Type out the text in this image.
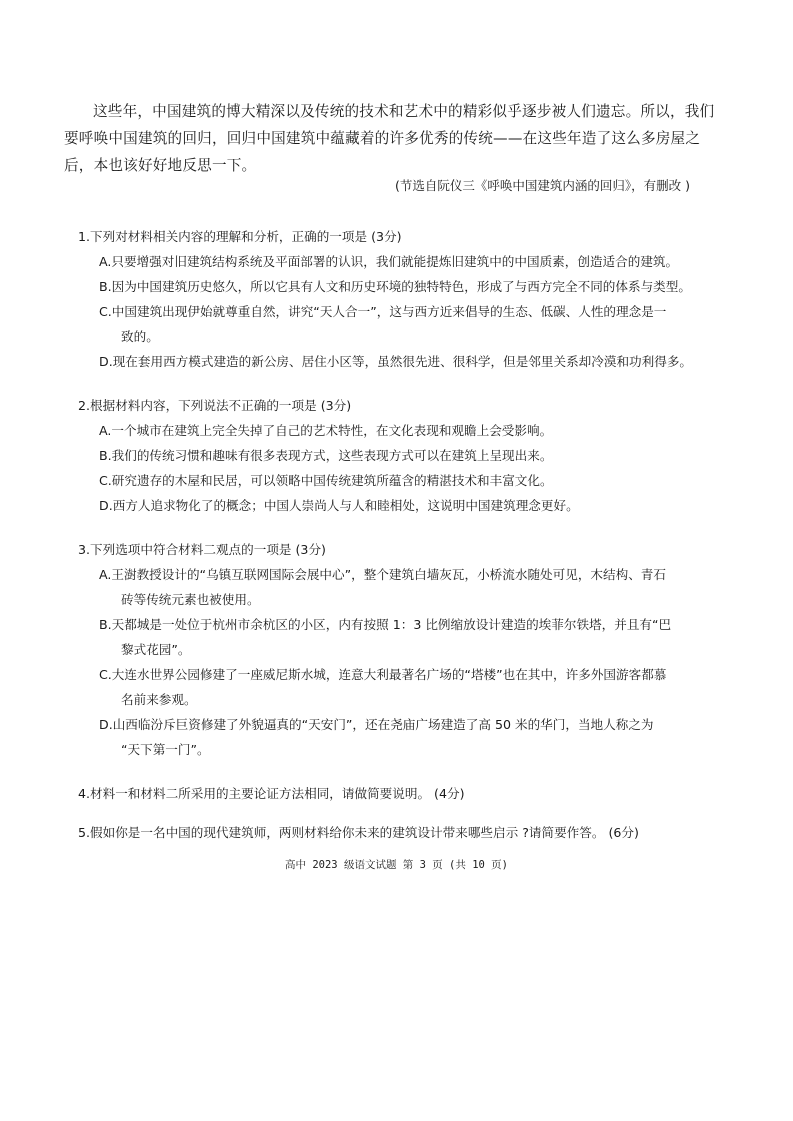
这些年，中国建筑的博大精深以及传统的技术和艺术中的精彩似乎逐步被人们遗忘。所以，我们要呼唤中国建筑的回归，回归中国建筑中蕴藏着的许多优秀的传统——在这些年造了这么多房屋之后，本也该好好地反思一下。

(节选自阮仪三《呼唤中国建筑内涵的回归》，有删改 )
1.下列对材料相关内容的理解和分析，正确的一项是 (3分)
A.只要增强对旧建筑结构系统及平面部署的认识，我们就能提炼旧建筑中的中国质素，创造适合的建筑。
B.因为中国建筑历史悠久，所以它具有人文和历史环境的独特特色，形成了与西方完全不同的体系与类型。
C.中国建筑出现伊始就尊重自然，讲究“天人合一”，这与西方近来倡导的生态、低碳、人性的理念是一
致的。
D.现在套用西方模式建造的新公房、居住小区等，虽然很先进、很科学，但是邻里关系却冷漠和功利得多。
2.根据材料内容，下列说法不正确的一项是 (3分)
A.一个城市在建筑上完全失掉了自己的艺术特性，在文化表现和观瞻上会受影响。
B.我们的传统习惯和趣味有很多表现方式，这些表现方式可以在建筑上呈现出来。
C.研究遗存的木屋和民居，可以领略中国传统建筑所蕴含的精湛技术和丰富文化。
D.西方人追求物化了的概念；中国人崇尚人与人和睦相处，这说明中国建筑理念更好。
3.下列选项中符合材料二观点的一项是 (3分)
A.王澍教授设计的“乌镇互联网国际会展中心”，整个建筑白墙灰瓦，小桥流水随处可见，木结构、青石
砖等传统元素也被使用。
B.天都城是一处位于杭州市余杭区的小区，内有按照 1：3 比例缩放设计建造的埃菲尔铁塔，并且有“巴
黎式花园”。
C.大连水世界公园修建了一座威尼斯水城，连意大利最著名广场的“塔楼”也在其中，许多外国游客都慕
名前来参观。
D.山西临汾斥巨资修建了外貌逼真的“天安门”，还在尧庙广场建造了高 50 米的华门，当地人称之为
“天下第一门”。
4.材料一和材料二所采用的主要论证方法相同，请做简要说明。 (4分)
5.假如你是一名中国的现代建筑师，两则材料给你未来的建筑设计带来哪些启示 ?请简要作答。 (6分)
高中 2023 级语文试题 第 3 页 (共 10 页)
